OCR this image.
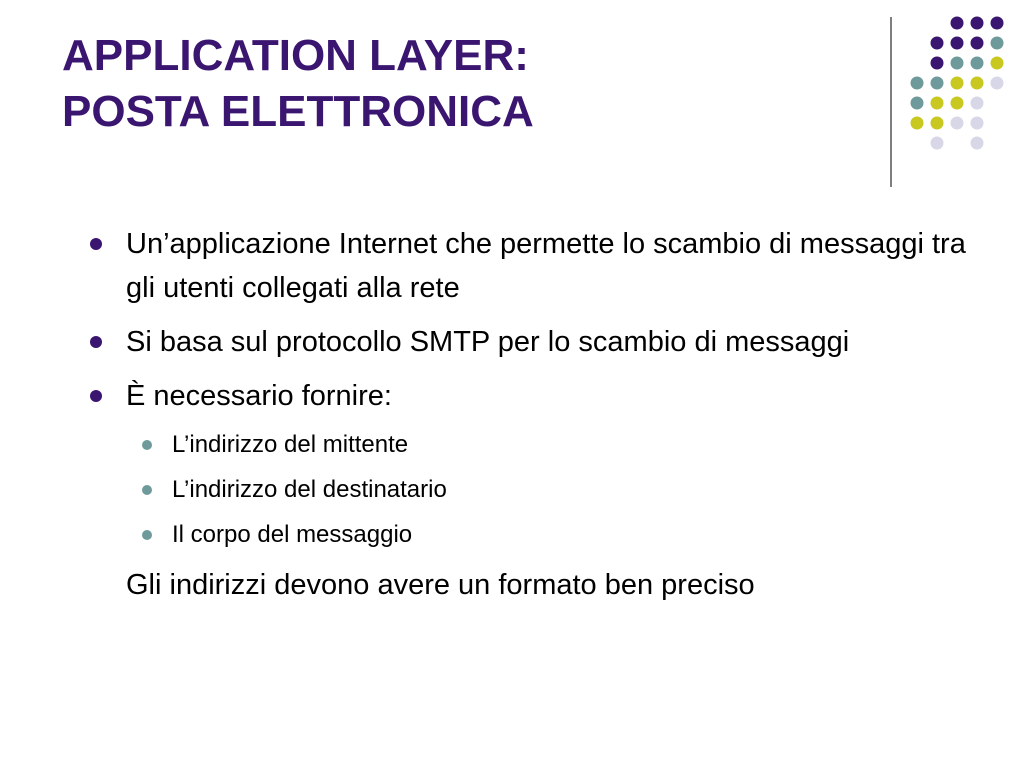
APPLICATION LAYER:
POSTA ELETTRONICA
Un’applicazione Internet che permette lo scambio di messaggi tra gli utenti collegati alla rete
Si basa sul protocollo SMTP per lo scambio di messaggi
È necessario fornire:
L’indirizzo del mittente
L’indirizzo del destinatario
Il corpo del messaggio
Gli indirizzi devono avere un formato ben preciso
